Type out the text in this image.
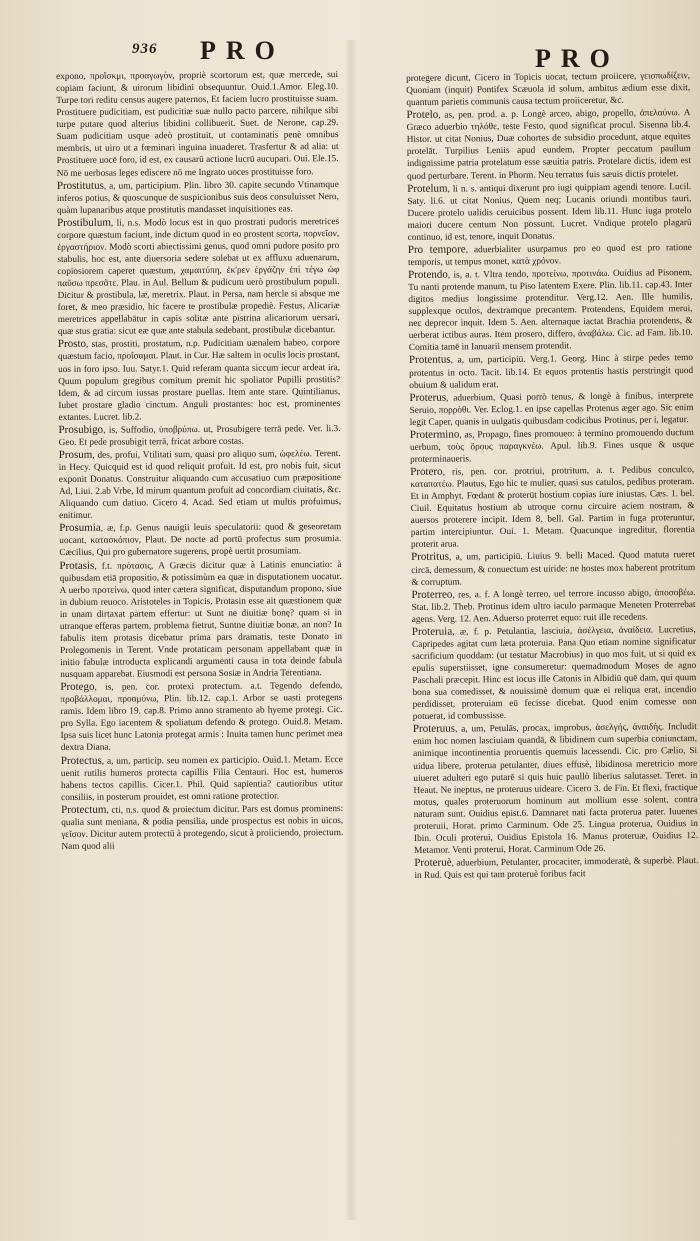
936 PRO	PRO

expono, προἴσκμι, προαγωγὸν, propriè scortorum est, quæ mercede, sui copiam faciunt, & uirorum libidini obsequuntur. Ouid.1.Amor. Eleg.10. Turpe tori reditu census augere paternos, Et faciem lucro prostituisse suam. Prostituere pudicitiam, est pudicitiæ suæ nullo pacto parcere, nihilque sibi turpe putare quod alterius libidini collibuerit. Suet. de Nerone, cap.29. Suam pudicitiam usque adeò prostituit, ut contaminatis penè omnibus membris, ut uiro ut a fœminari inguina inuaderet. Trasfertur & ad alia: ut Prostituere uocē foro, id est, ex causarū actione lucrū aucupari. Oui. Ele.15. Nō me uerbosas leges ediscere nō me Ingrato uoces prostituisse foro.

Prostitutus, a, um, participium. Plin. libro 30. capite secundo Vtinamque inferos potius, & quoscunque de suspicionibus suis deos consuluisset Nero, quàm lupanaribus atque prostitutis mandasset inquisitiones eas.

Prostibulum, li, n.s. Modò locus est in quo prostrati pudoris meretrices corpore quæstum faciunt, inde dictum quod in eo prostent scorta, πορνεῖον, ἐργαστήριον. Modò scorti abiectissimi genus, quod omni pudore posito pro stabulis, hoc est, ante diuersoria sedere solebat ut ex affluxu aduenarum, copiosiorem caperet quæstum, χαμαιτύπη, ἐκ'ρεν ἐργάζην ἐπὶ τέγω ὡφ παῦσω πρεσᾶτε. Plau. in Aul. Bellum & pudicum uerò prostibulum populi. Dicitur & prostibula, læ, meretrix. Plaut. in Persa, nam hercle si absque me foret, & meo præsidio, hic facere te prostibulæ propediè. Festus, Alicariæ meretrices appellabātur in capis solitæ ante pistrina alicariorum uersari, quæ stus gratia: sicut eæ quæ ante stabula sedebant, prostibulæ dicebantur.

Prosto, stas, prostiti, prostatum, n.p. Pudicitiam uænalem habeo, corpore quæstum facio, πρoΐσαμαι. Plaut. in Cur. Hæ saltem in oculis locis prostant, uos in foro ipso. Iuu. Satyr.1. Quid referam quanta siccum iecur ardeat ira, Quum populum gregibus comitum premit hic spoliator Pupilli prostitis? Idem, & ad circum iussas prostare puellas. Item ante stare. Quintilianus, Iubet prostare gladio cinctum. Anguli prostantes: hoc est, prominentes extantes. Lucret. lib.2.

Prosubigo, is, Suffodio, ὑποβρύπω. ut, Prosubigere terrā pede. Ver. li.3. Geo. Et pede prosubigit terrā, fricat arbore costas.

Prosum, des, profui, Vtilitati sum, quasi pro aliquo sum, ὠφελέω. Terent. in Hecy. Quicquid est id quod reliquit profuit. Id est, pro nobis fuit, sicut exponit Donatus. Construitur aliquando cum accusatiuo cum præpositione Ad, Liui. 2.ab Vrbe, Id mirum quantum profuit ad concordiam ciuitatis, &c. Aliquando cum datiuo. Cicero 4. Acad. Sed etiam ut multis profuimus, enitimur.

Prosumia, æ, f.p. Genus nauigii leuis speculatorii: quod & geseoretam uocant, κατασκόπιον, Plaut. De nocte ad portū profectus sum prosumia. Cæcilius, Qui pro gubernatore sugerens, propè uertit prosumiam.

Protasis, f.t. πρότασις, A Græcis dicitur quæ à Latinis enunciatio: à quibusdam etiā propositio, & potissimùm ea quæ in disputationem uocatur. A uerbo προτείνω, quod inter cætera significat, disputandum propono, siue in dubium reuoco. Aristoteles in Topicis, Protasin esse ait quæstionem quæ in unam dirtaxat partem effertur: ut Sunt ne diuitiæ bonę? quam si in utranque efferas partem, problema fietrut, Suntne diuitiæ bonæ, an non? In fabulis item protasis dicebatur prima pars dramatis, teste Donato in Prolegomenis in Terent. Vnde protaticam personam appellabant quæ in initio fabulæ introducta explicandi argumenti causa in tota deinde fabula nusquam apparebat. Eiusmodi est persona Sosiæ in Andria Terentiana.

Protego, is, pen. cor. protexi protectum. a.t. Tegendo defendo, προβάλλομαι, προαμύνω, Plin. lib.12. cap.1. Arbor se uasti protegens ramis. Idem libro 19. cap.8. Primo anno stramento ab hyeme protegi. Cic. pro Sylla. Ego iacentem & spoliatum defendo & protego. Ouid.8. Metam. Ipsa suis licet hunc Latonia protegat armis : Inuita tamen hunc perimet mea dextra Diana.

Protectus, a, um, particip. seu nomen ex participio. Ouid.1. Metam. Ecce uenit rutilis humeros protecta capillis Filia Centauri. Hoc est, humeros habens tectos capillis. Cicer.1. Phil. Quid sapientia? cautioribus utitur consiliis, in posterum prouidet, est omni ratione protectior.

Protectum, cti, n.s. quod & proiectum dicitur. Pars est domus prominens: qualia sunt meniana, & podia pensilia, unde prospectus est nobis in uicos, γεῖσον. Dicitur autem protectū à protegendo, sicut à proiiciendo, proiectum. Nam quod alii

protegere dicunt, Cicero in Topicis uocat, tectum proiicere, γεισπωδίζειν, Quoniam (inquit) Pontifex Scæuola id solum, ambitus ædium esse dixit, quantum parietis communis causa tectum proiiceretur, &c.

Protelo, as, pen. prod. a. p. Longè arceo, abigo, propello, ἀπελαύνω. A Græco aduerbio τηλόθε, teste Festo, quod significat procul. Sisenna lib.4. Histor. ut citat Nonius, Duæ cohortes de subsidio procedunt, atque equites protelāt. Turpilius Leniis apud eundem, Propter peccatum paullum indignissime patria protelatum esse sæuitia patris. Protelare dictis, idem est quod perturbare. Terent. in Phorm. Neu terratus fuis sæuis dictis protelet.

Protelum, li n. s. antiqui dixerunt pro iugi quippiam agendi tenore. Lucil. Saty. li.6. ut citat Nonius, Quem neq; Lucanis oriundi montibus tauri, Ducere protelo ualidis ceruicibus possent. Idem lib.11. Hunc iuga protelo maiori ducere centum Non possunt. Lucret. Vndique protelo plagarū continuo, id est, tenore, inquit Donatus.

Pro tempore, aduerbialiter usurpamus pro eo quod est pro ratione temporis, ut tempus monet, κατὰ χρόνον.

Protendo, is, a. t. Vltra tendo, προτείνω, προτινάω. Ouidius ad Pisonem, Tu nanti protende manum, tu Piso latentem Exere. Plin. lib.11. cap.43. Inter digitos medius longissime protenditur. Verg.12. Aen. Ille humilis, supplexque oculos, dextramque precantem. Protendens, Equidem merui, nec deprecor inquit. Idem 5. Aen. alternaque iactat Brachia protendens, & uerberat ictibus auras. Item prosero, differo, ἀναβάλω. Cic. ad Fam. lib.10. Comitia tamē in Ianuarii mensem protendit.

Protentus, a, um, participiū. Verg.1. Georg. Hinc à stirpe pedes temo protentus in octo. Tacit. lib.14. Et equos protentis hastis perstringit quod obuium & ualidum erat.

Proterus, aduerbium, Quasi porrò tenus, & longè à finibus, interprete Seruio, πορρόθι. Ver. Eclog.1. en ipse capellas Protenus æger ago. Sic enim legit Caper, quanis in uulgatis quibusdam codicibus Protinus, per i, legatur.

Protermino, as, Propago, fines promoueo: à termino promouendo ductum uerbum, τοὺς ὅρους παραγκνέω. Apul. lib.9. Fines usque & usque proterminaueris.

Protero, ris, pen. cor. protriui, protritum, a. t. Pedibus conculco, καταπατέω. Plautus, Ego hic te mulier, quasi sus catulos, pedibus proteram. Et in Amphyt. Fœdant & proterūt hostium copias iure iniustas. Cæs. 1. bel. Ciuil. Equitatus hostium ab utroque cornu circuire aciem nostram, & auersos proterere incipit. Idem 8. bell. Gal. Partim in fuga proteruntur, partim intercipiuntur. Oui. 1. Metam. Quacunque ingreditur, florentia proterit arua.

Protritus, a, um, participiū. Liuius 9. belli Maced. Quod matuta rueret circā, demessum, & conuectum est uiride: ne hostes mox haberent protritum & corruptum.

Proterreo, res, a. f. A longè terreo, uel terrore incusso abigo, ἀποσοβέω. Stat. lib.2. Theb. Protinus idem ultro iaculo parmaque Meneten Proterrebat agens. Verg. 12. Aen. Aduerso proterret equo: ruit ille recedens.

Proteruia, æ, f. p. Petulantia, lasciuia, ἀσέλγεια, ἀναίδεια. Lucretius, Capripedes agitat cum læta proteruia. Pana Quo etiam nomine significatur sacrificium quoddam: (ut testatur Macrobius) in quo mos fuit, ut si quid ex epulis superstiisset, igne consumeretur: quemadmodum Moses de agno Paschali præcepit. Hinc est iocus ille Catonis in Albidiū quē dam, qui quum bona sua comedisset, & nouissimè domum quæ ei reliqua erat, incendio perdidisset, proteruiam eū fecisse dicebat. Quod enim comesse non potuerat, id combussisse.

Proteruus, a, um, Petulās, procax, improbus, ἀσελγής, ἀναιδὴς. Includit enim hoc nomen lasciuiam quandā, & libidinem cum superbia coniunctam, animique incontinentia proruentis quemuis lacessendi. Cic. pro Cælio, Si uidua libere, proterua petulanter, diues effusè, libidinosa meretricio more uiueret adulteri ego putarē si quis huic paullò liberius salutasset. Teret. in Heaut. Ne ineptus, ne proteruus uideare. Cicero 3. de Fin. Et flexi, fractique motus, quales proteruorum hominum aut mollium esse solent, contra naturam sunt. Ouidius epist.6. Damnaret nati facta proterua pater. Iuuenes proteruii, Horat. primo Carminum. Ode 25. Lingua proterua, Ouidius in Ibin. Oculi proterui, Ouidius Epistola 16. Manus proteruæ, Ouidius 12. Metamor. Venti proterui, Horat. Carminum Ode 26.

Proteruè, aduerbium, Petulanter, procaciter, immoderatè, & superbè. Plaut. in Rud. Quis est qui tam proteruè foribus facit
